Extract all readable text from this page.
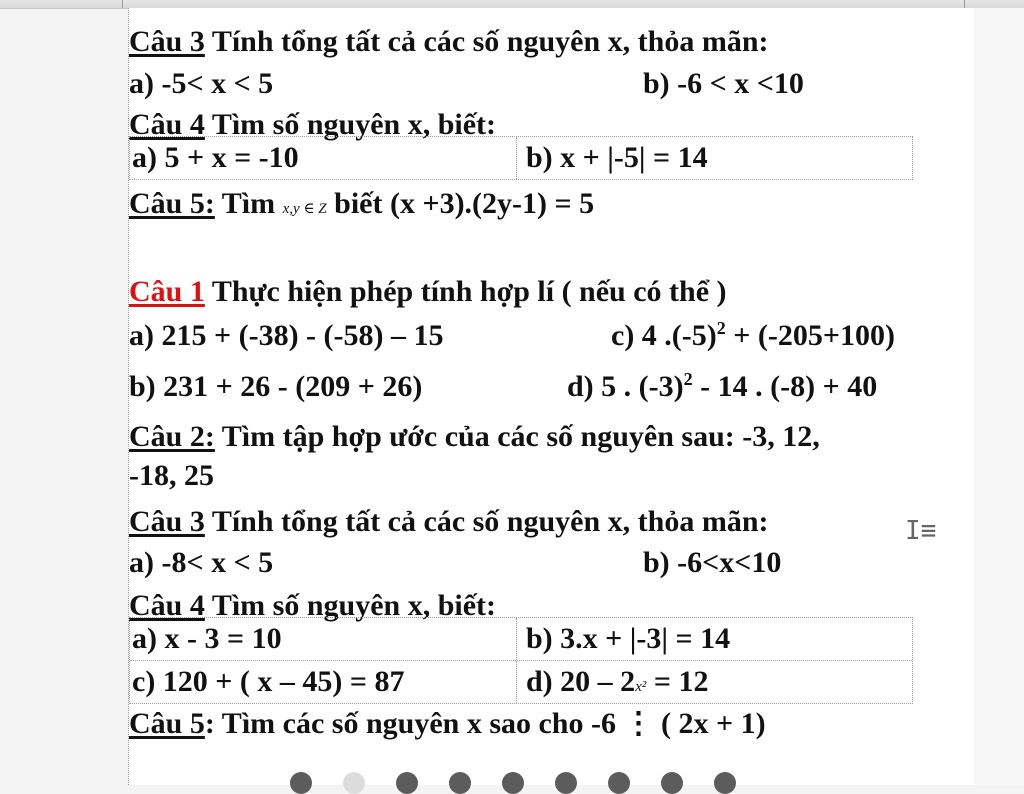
Câu 3 Tính tổng tất cả các số nguyên x, thỏa mãn:
a) -5< x < 5	b) -6 < x <10
Câu 4 Tìm số nguyên x, biết:
a) 5 + x = -10	b) x + |-5| = 14
Câu 5: Tìm x,y ∈ Z biết (x +3).(2y-1) = 5
Câu 1 Thực hiện phép tính hợp lí ( nếu có thể )
a) 215 + (-38) - (-58) – 15	c) 4 $.(-5)^2 + (-205+100)$
b) 231 + 26 - (209 + 26)	d) 5 . $(-3)^2 - 14$ . (-8) + 40
Câu 2: Tìm tập hợp ước của các số nguyên sau: -3, 12,
-18, 25
Câu 3 Tính tổng tất cả các số nguyên x, thỏa mãn:
a) -8< x < 5	b) -6<x<10
Câu 4 Tìm số nguyên x, biết:
a) x - 3 = 10	b) 3.x + |-3| = 14
c) 120 + ( x – 45) = 87	d) 20 – 2x² = 12
Câu 5: Tìm các số nguyên x sao cho -6 ⋮ ( 2x + 1)
I≡
